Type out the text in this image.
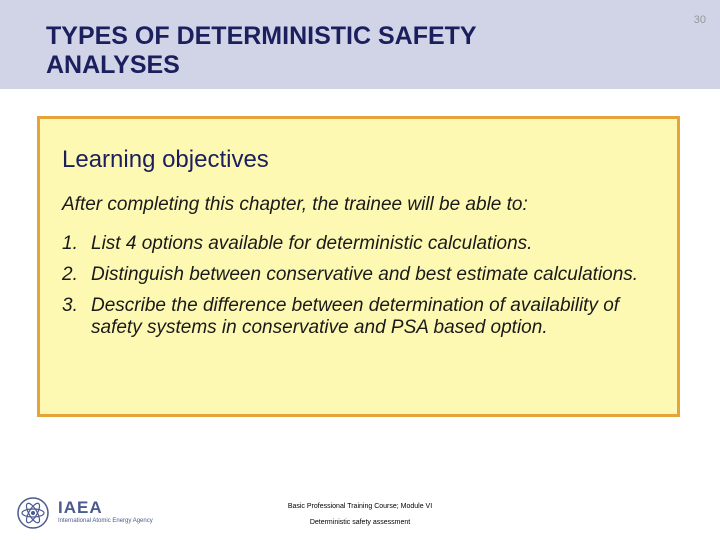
TYPES OF DETERMINISTIC SAFETY ANALYSES
30
Learning objectives
After completing this chapter, the trainee will be able to:
1. List 4 options available for deterministic calculations.
2. Distinguish between conservative and best estimate calculations.
3. Describe the difference between determination of availability of safety systems in conservative and PSA based option.
IAEA
International Atomic Energy Agency
Basic Professional Training Course; Module VI
Deterministic safety assessment
